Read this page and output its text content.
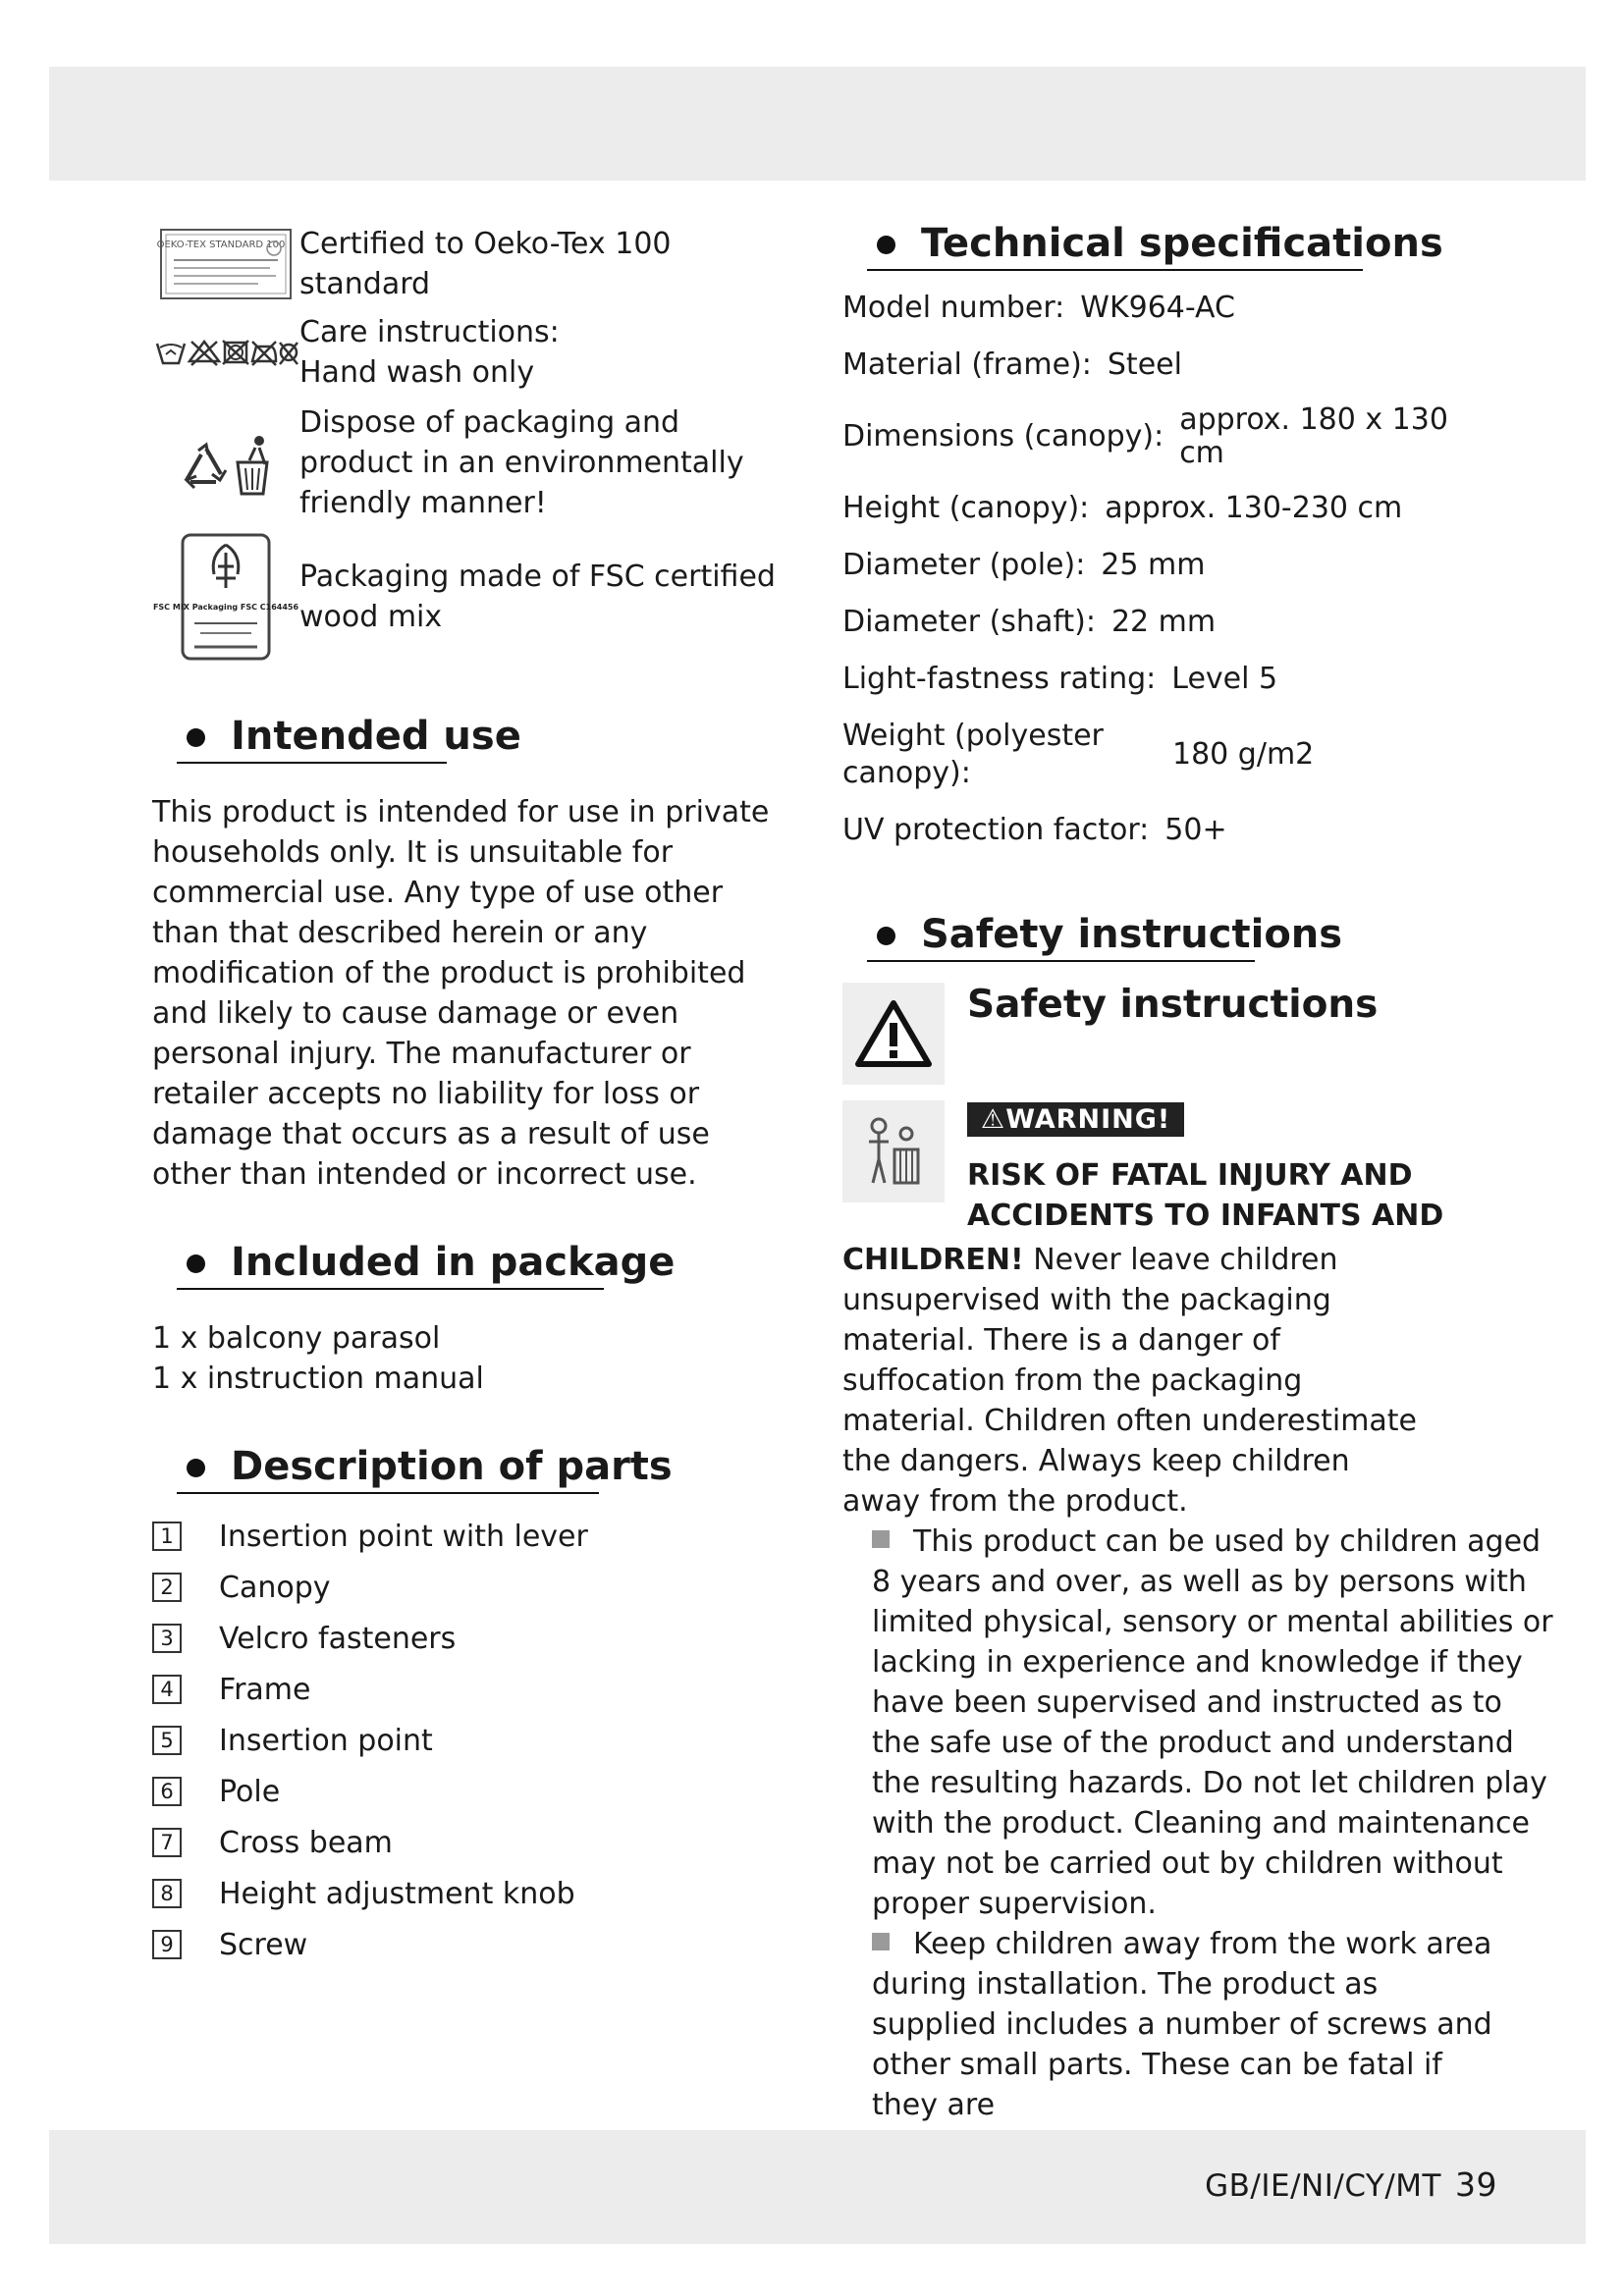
OEKO-TEX STANDARD 100 Certified to Oeko-Tex 100 standard
Care instructions:
Hand wash only
Dispose of packaging and product in an environmentally friendly manner!
FSC MIX Packaging FSC C164456
Packaging made of FSC certified wood mix
Intended use

This product is intended for use in private households only. It is unsuitable for commercial use. Any type of use other than that described herein or any modification of the product is prohibited and likely to cause damage or even personal injury. The manufacturer or retailer accepts no liability for loss or damage that occurs as a result of use other than intended or incorrect use.

Included in package
1 x balcony parasol
1 x instruction manual
Description of parts
1 Insertion point with lever
2 Canopy
3 Velcro fasteners
4 Frame
5 Insertion point
6 Pole
7 Cross beam
8 Height adjustment knob
9 Screw
Technical specifications
Model number: WK964-AC
Material (frame): Steel
Dimensions (canopy): approx. 180 x 130 cm
Height (canopy): approx. 130-230 cm
Diameter (pole): 25 mm
Diameter (shaft): 22 mm
Light-fastness rating: Level 5
Weight (polyester canopy):
180 g/m2
UV protection factor: 50+
Safety instructions
Safety instructions
⚠WARNING!
RISK OF FATAL INJURY AND
ACCIDENTS TO INFANTS AND

CHILDREN! Never leave children unsupervised with the packaging material. There is a danger of suffocation from the packaging material. Children often underestimate the dangers. Always keep children away from the product.

This product can be used by children aged 8 years and over, as well as by persons with limited physical, sensory or mental abilities or lacking in experience and knowledge if they have been supervised and instructed as to the safe use of the product and understand the resulting hazards. Do not let children play with the product. Cleaning and maintenance may not be carried out by children without proper supervision.

Keep children away from the work area during installation. The product as supplied includes a number of screws and other small parts. These can be fatal if they are

GB/IE/NI/CY/MT 39
